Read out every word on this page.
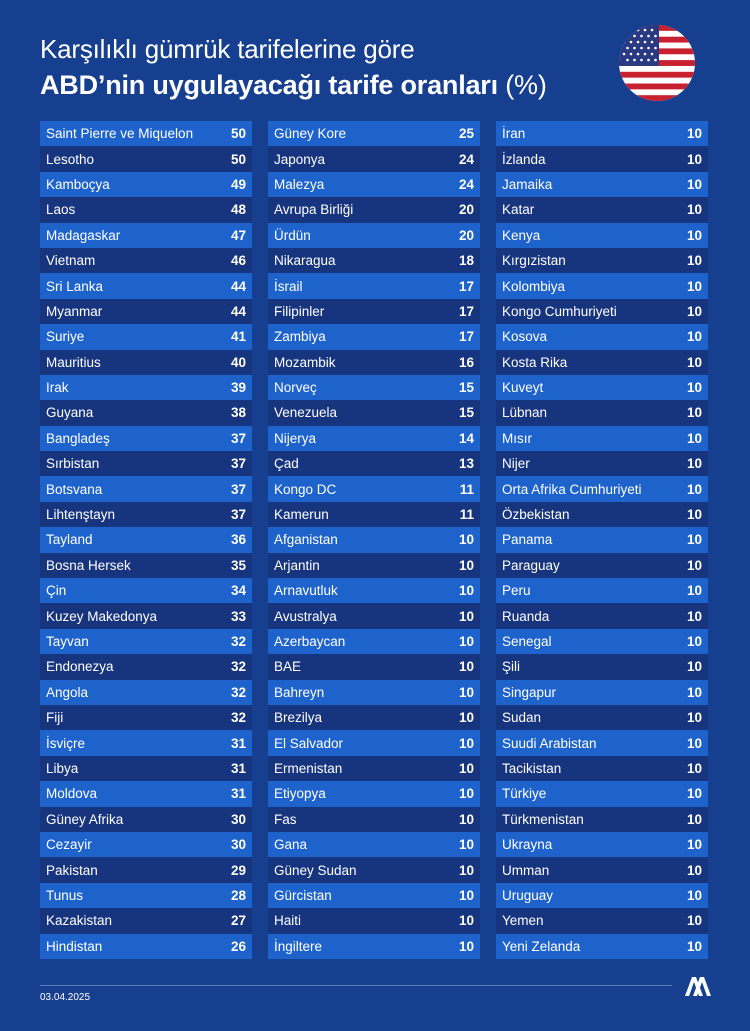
Karşılıklı gümrük tarifelerine göre
ABD’nin uygulayacağı tarife oranları (%)
Saint Pierre ve Miquelon	50
Lesotho	50
Kamboçya	49
Laos	48
Madagaskar	47
Vietnam	46
Sri Lanka	44
Myanmar	44
Suriye	41
Mauritius	40
Irak	39
Guyana	38
Bangladeş	37
Sırbistan	37
Botsvana	37
Lihtenştayn	37
Tayland	36
Bosna Hersek	35
Çin	34
Kuzey Makedonya	33
Tayvan	32
Endonezya	32
Angola	32
Fiji	32
İsviçre	31
Libya	31
Moldova	31
Güney Afrika	30
Cezayir	30
Pakistan	29
Tunus	28
Kazakistan	27
Hindistan	26
Güney Kore	25
Japonya	24
Malezya	24
Avrupa Birliği	20
Ürdün	20
Nikaragua	18
İsrail	17
Filipinler	17
Zambiya	17
Mozambik	16
Norveç	15
Venezuela	15
Nijerya	14
Çad	13
Kongo DC	11
Kamerun	11
Afganistan	10
Arjantin	10
Arnavutluk	10
Avustralya	10
Azerbaycan	10
BAE	10
Bahreyn	10
Brezilya	10
El Salvador	10
Ermenistan	10
Etiyopya	10
Fas	10
Gana	10
Güney Sudan	10
Gürcistan	10
Haiti	10
İngiltere	10
İran	10
İzlanda	10
Jamaika	10
Katar	10
Kenya	10
Kırgızistan	10
Kolombiya	10
Kongo Cumhuriyeti	10
Kosova	10
Kosta Rika	10
Kuveyt	10
Lübnan	10
Mısır	10
Nijer	10
Orta Afrika Cumhuriyeti	10
Özbekistan	10
Panama	10
Paraguay	10
Peru	10
Ruanda	10
Senegal	10
Şili	10
Singapur	10
Sudan	10
Suudi Arabistan	10
Tacikistan	10
Türkiye	10
Türkmenistan	10
Ukrayna	10
Umman	10
Uruguay	10
Yemen	10
Yeni Zelanda	10
03.04.2025
